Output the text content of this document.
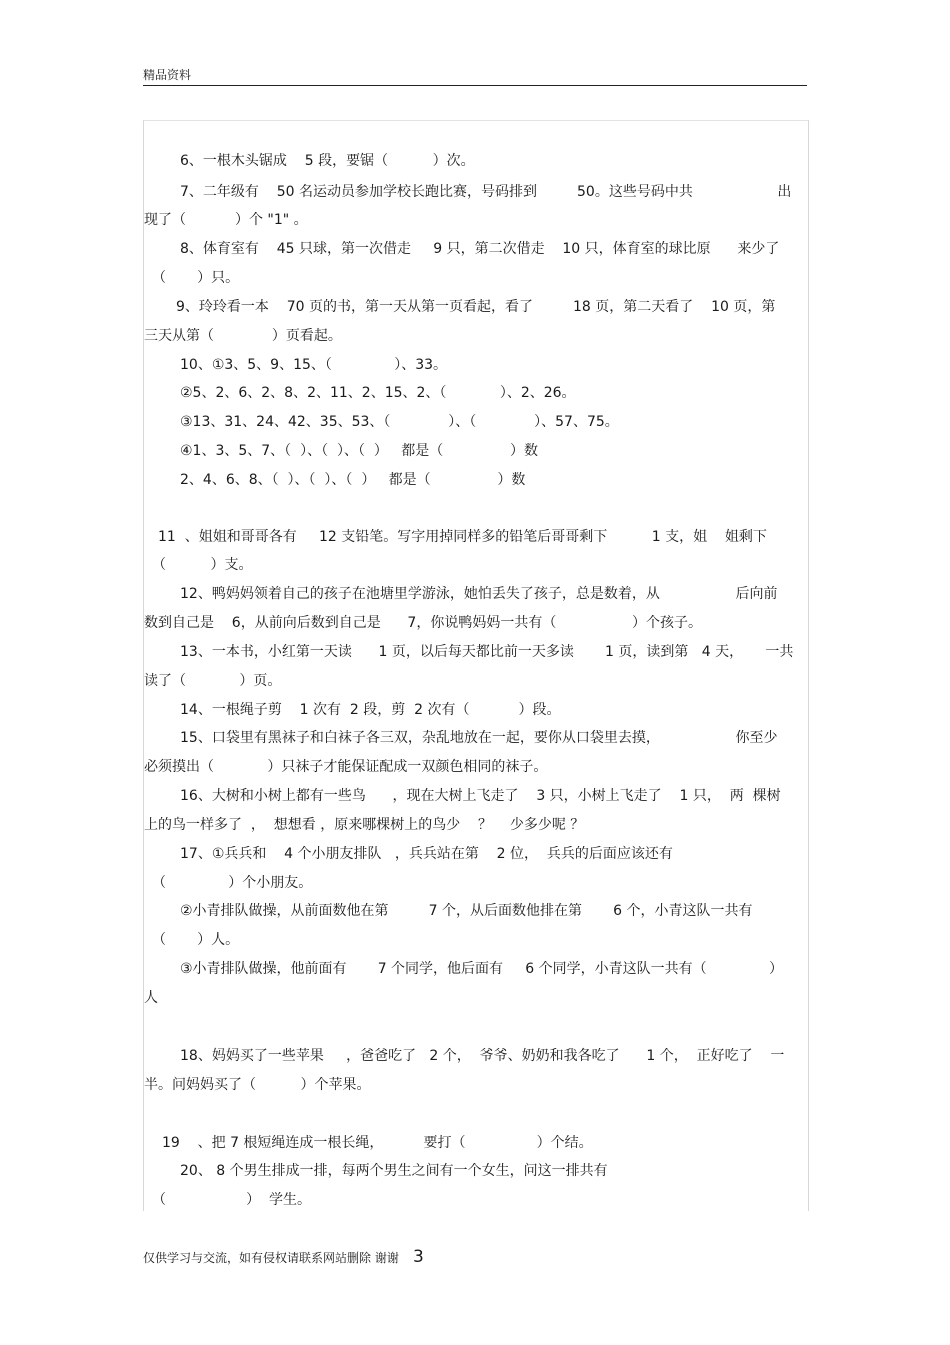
精品资料
6、一根木头锯成    5 段，要锯（          ）次。
7、二年级有    50 名运动员参加学校长跑比赛，号码排到         50。这些号码中共                   出
现了（           ）个 "1" 。
8、体育室有    45 只球，第一次借走     9 只，第二次借走    10 只，体育室的球比原      来少了
（       ）只。
9、玲玲看一本    70 页的书，第一天从第一页看起，看了         18 页，第二天看了    10 页，第
三天从第（             ）页看起。
10、①3、5、9、15、（              ）、33。
②5、2、6、2、8、2、11、2、15、2、（            ）、2、26。
③13、31、24、42、35、53、（             ）、（             ）、57、75。
④1、3、5、7、（  ）、（  ）、（  ）   都是（               ）数
2、4、6、8、（  ）、（  ）、（  ）   都是（               ）数
11  、姐姐和哥哥各有     12 支铅笔。写字用掉同样多的铅笔后哥哥剩下          1 支，姐    姐剩下
（          ）支。
12、鸭妈妈领着自己的孩子在池塘里学游泳，她怕丢失了孩子，总是数着，从                 后向前
数到自己是    6，从前向后数到自己是      7，你说鸭妈妈一共有（                 ）个孩子。
13、一本书，小红第一天读      1 页，以后每天都比前一天多读       1 页，读到第   4 天，     一共
读了（            ）页。
14、一根绳子剪    1 次有  2 段，剪  2 次有（           ）段。
15、口袋里有黑袜子和白袜子各三双，杂乱地放在一起，要你从口袋里去摸，                 你至少
必须摸出（            ）只袜子才能保证配成一双颜色相同的袜子。
16、大树和小树上都有一些鸟      ，现在大树上飞走了    3 只，小树上飞走了    1 只，  两  棵树
上的鸟一样多了  ，  想想看 ，原来哪棵树上的鸟少    ？    少多少呢 ？
17、①兵兵和    4 个小朋友排队   ，兵兵站在第    2 位，  兵兵的后面应该还有
（              ）个小朋友。
②小青排队做操，从前面数他在第         7 个，从后面数他排在第       6 个，小青这队一共有
（       ）人。
③小青排队做操，他前面有       7 个同学，他后面有     6 个同学，小青这队一共有（              ）
人
18、妈妈买了一些苹果     ，爸爸吃了   2 个，  爷爷、奶奶和我各吃了      1 个，  正好吃了    一
半。问妈妈买了（          ）个苹果。
19    、把 7 根短绳连成一根长绳，         要打（                ）个结。
20、 8 个男生排成一排，每两个男生之间有一个女生，问这一排共有
（                  ）  学生。
仅供学习与交流，如有侵权请联系网站删除 谢谢 3
